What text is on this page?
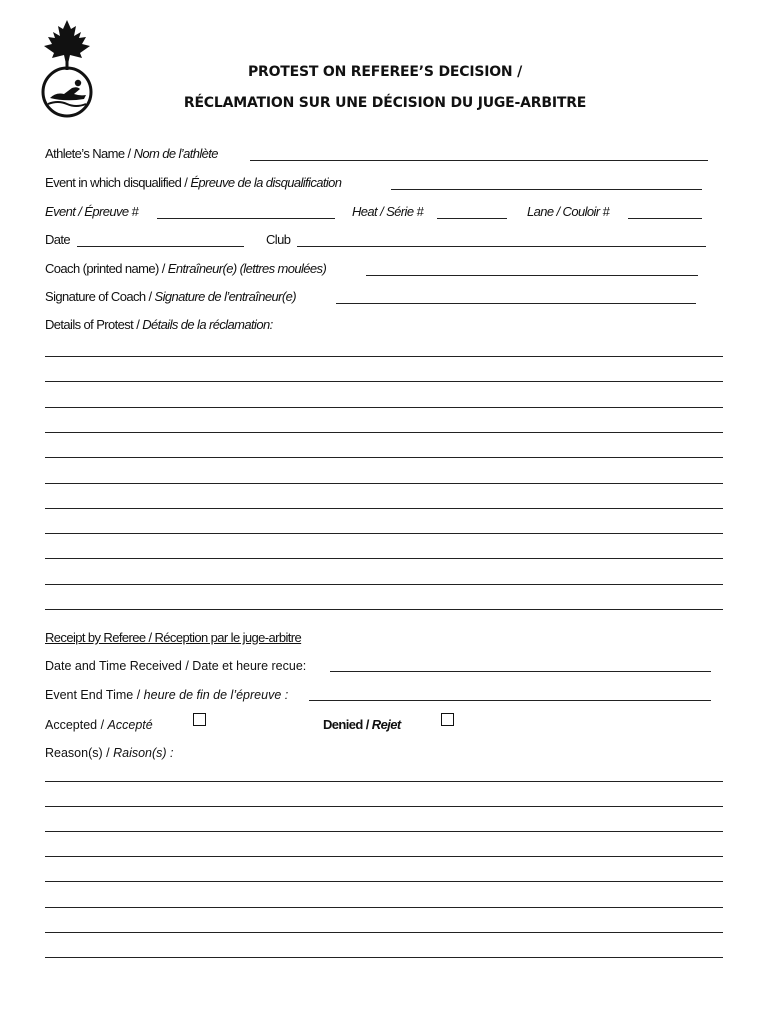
PROTEST ON REFEREE’S DECISION /
RÉCLAMATION SUR UNE DÉCISION DU JUGE-ARBITRE
Athlete’s Name / Nom de l’athlète
Event in which disqualified / Épreuve de la disqualification
Event / Épreuve #	Heat / Série #	Lane / Couloir #
Date	Club
Coach (printed name) / Entraîneur(e) (lettres moulées)
Signature of Coach / Signature de l’entraîneur(e)
Details of Protest / Détails de la réclamation:
Receipt by Referee / Réception par le juge-arbitre
Date and Time Received / Date et heure recue:
Event End Time / heure de fin de l’épreuve :
Accepted / Accepté	Denied / Rejet
Reason(s) / Raison(s) :
